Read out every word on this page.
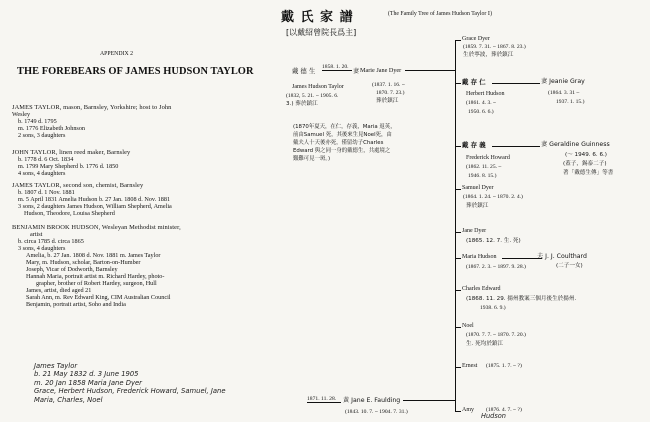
APPENDIX 2
THE FOREBEARS OF JAMES HUDSON TAYLOR
JAMES TAYLOR, mason, Barnsley, Yorkshire; host to John
Wesley
b. 1749 d. 1795
m. 1776 Elizabeth Johnson
2 sons, 3 daughters
JOHN TAYLOR, linen reed maker, Barnsley
b. 1778 d. 6 Oct. 1834
m. 1799 Mary Shepherd b. 1776 d. 1850
4 sons, 4 daughters
JAMES TAYLOR, second son, chemist, Barnsley
b. 1807 d. 1 Nov. 1881
m. 5 April 1831 Amelia Hudson b. 27 Jan. 1808 d. Nov. 1881
3 sons, 2 daughters James Hudson, William Shepherd, Amelia
Hudson, Theodore, Louisa Shepherd
BENJAMIN BROOK HUDSON, Wesleyan Methodist minister,
artist
b. circa 1785 d. circa 1865
3 sons, 4 daughters
Amelia, b. 27 Jan. 1808 d. Nov. 1881 m. James Taylor
Mary, m. Hudson, scholar, Barton-on-Humber
Joseph, Vicar of Dodworth, Barnsley
Hannah Maria, portrait artist m. Richard Hardey, photo-
grapher, brother of Robert Hardey, surgeon, Hull
James, artist, died aged 21
Sarah Ann, m. Rev Edward King, CIM Australian Council
Benjamin, portrait artist, Soho and India
James Taylor
b. 21 May 1832 d. 3 June 1905
m. 20 Jan 1858 Maria Jane Dyer
Grace, Herbert Hudson, Frederick Howard, Samuel, Jane
Maria, Charles, Noel
戴 氏 家 譜	(The Family Tree of James Hudson Taylor Ⅰ)
[以戴紹曾院長爲主]
戴 德 生 1858. 1. 20. Marie Jane Dyer
妻
James Hudson Taylor
(1832, 5. 21. ~ 1905. 6.
3.) 葬於鎮江
(1837. 1. 16. ~
1870. 7. 23.)
葬於鎮江
(1870年夏天，在仁，存義，Maria 返英，
前由Samuel 死，其後來生見Noel死，由
戴夫人十天後亦死，僅留幼子Charles
Edward 與之同一身的戴德生，共處境之
艱難可見一斑。)
1871. 11. 28. 黃 Jane E. Faulding
(1843. 10. 7. ~ 1904. 7. 31.)
Grace Dyer
(1859. 7. 31. ~ 1867. 8. 23.)
生於寧波，葬於鎮江
戴 存 仁
Herbert Hudson
(1861. 4. 3. ~
1950. 6. 6.)
妻 Jeanie Gray
(1864. 3. 31 ~
1937. 1. 15.)
戴 存 義
Frederick Howard
(1862. 11. 25. ~
1946. 8. 15.)
妻 Geraldine Guinness
(～ 1949. 6. 6.)
(蓋子，錫泰二子)
著「戴德生傳」等書
Samuel Dyer
(1864. 1. 24. ~ 1870. 2. 4.)
葬於鎮江
Jane Dyer
(1865. 12. 7. 生. 死)
Maria Hudson
(1867. 2. 3. ~ 1897. 9. 28.)
夫 J. J. Coulthard
(二子一女)
Charles Edward
(1868. 11. 29. 揚州教案三個月後生於揚州.
1938. 6. 9.)
Noel
(1870. 7. 7. ~ 1870. 7. 20.)
生. 死均於鎮江
Ernest (1875. 1. 7. ~ ?)
Amy (1876. 4. 7. ~ ?)
Hudson
